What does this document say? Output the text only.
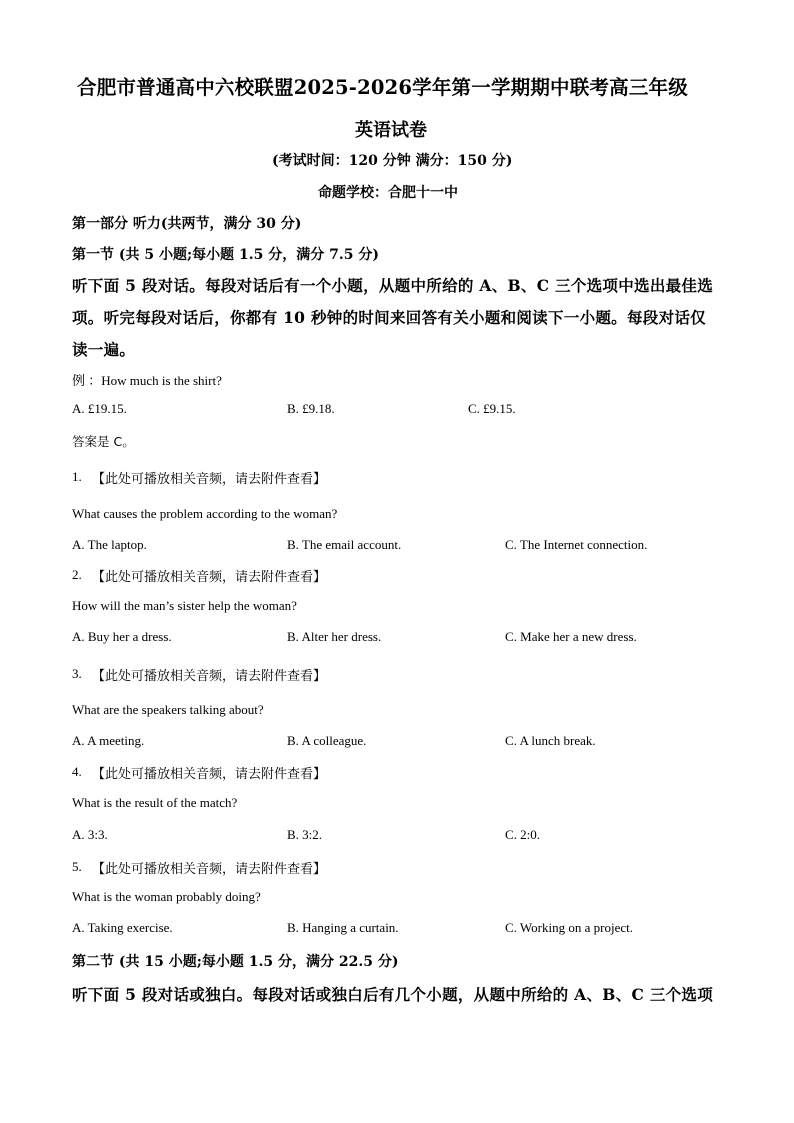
合肥市普通高中六校联盟2025-2026学年第一学期期中联考高三年级
英语试卷
(考试时间：120 分钟 满分：150 分)
命题学校：合肥十一中
第一部分 听力(共两节，满分 30 分)
第一节 (共 5 小题;每小题 1.5 分，满分 7.5 分)
听下面 5 段对话。每段对话后有一个小题，从题中所给的 A、B、C 三个选项中选出最佳选
项。听完每段对话后，你都有 10 秒钟的时间来回答有关小题和阅读下一小题。每段对话仅
读一遍。
例 ：How much is the shirt?
A. £19.15.	B. £9.18.	C. £9.15.
答案是 C。
1. 【此处可播放相关音频，请去附件查看】
What causes the problem according to the woman?
A. The laptop.	B. The email account.	C. The Internet connection.
2. 【此处可播放相关音频，请去附件查看】
How will the man’s sister help the woman?
A. Buy her a dress.	B. Alter her dress.	C. Make her a new dress.
3. 【此处可播放相关音频，请去附件查看】
What are the speakers talking about?
A. A meeting.	B. A colleague.	C. A lunch break.
4. 【此处可播放相关音频，请去附件查看】
What is the result of the match?
A. 3:3.	B. 3:2.	C. 2:0.
5. 【此处可播放相关音频，请去附件查看】
What is the woman probably doing?
A. Taking exercise.	B. Hanging a curtain.	C. Working on a project.
第二节 (共 15 小题;每小题 1.5 分，满分 22.5 分)
听下面 5 段对话或独白。每段对话或独白后有几个小题，从题中所给的 A、B、C 三个选项
